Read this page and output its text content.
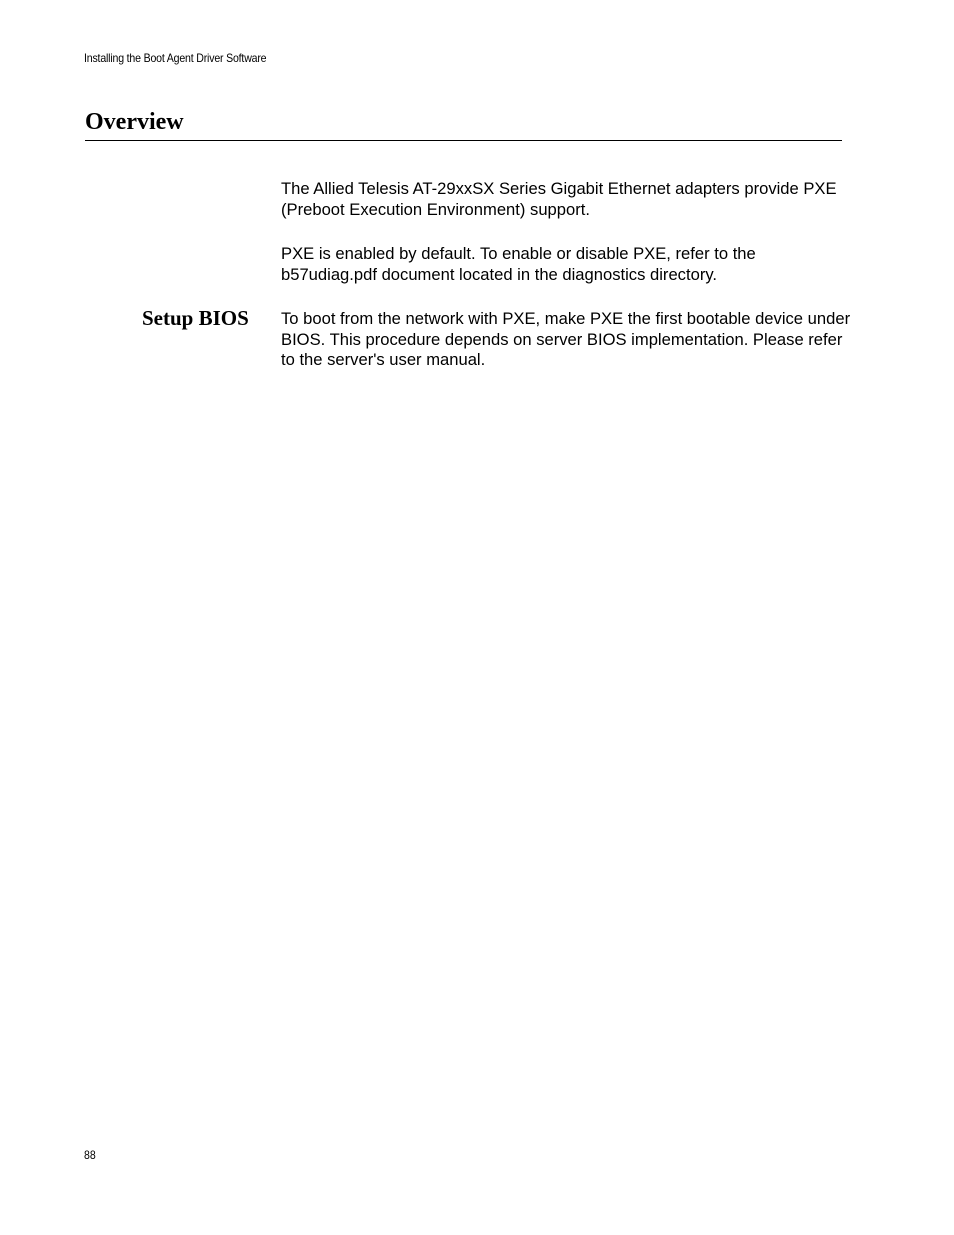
Installing the Boot Agent Driver Software
Overview

The Allied Telesis AT-29xxSX Series Gigabit Ethernet adapters provide PXE (Preboot Execution Environment) support.

PXE is enabled by default. To enable or disable PXE, refer to the b57udiag.pdf document located in the diagnostics directory.

Setup BIOS To boot from the network with PXE, make PXE the first bootable device under BIOS. This procedure depends on server BIOS implementation. Please refer to the server's user manual.

88
